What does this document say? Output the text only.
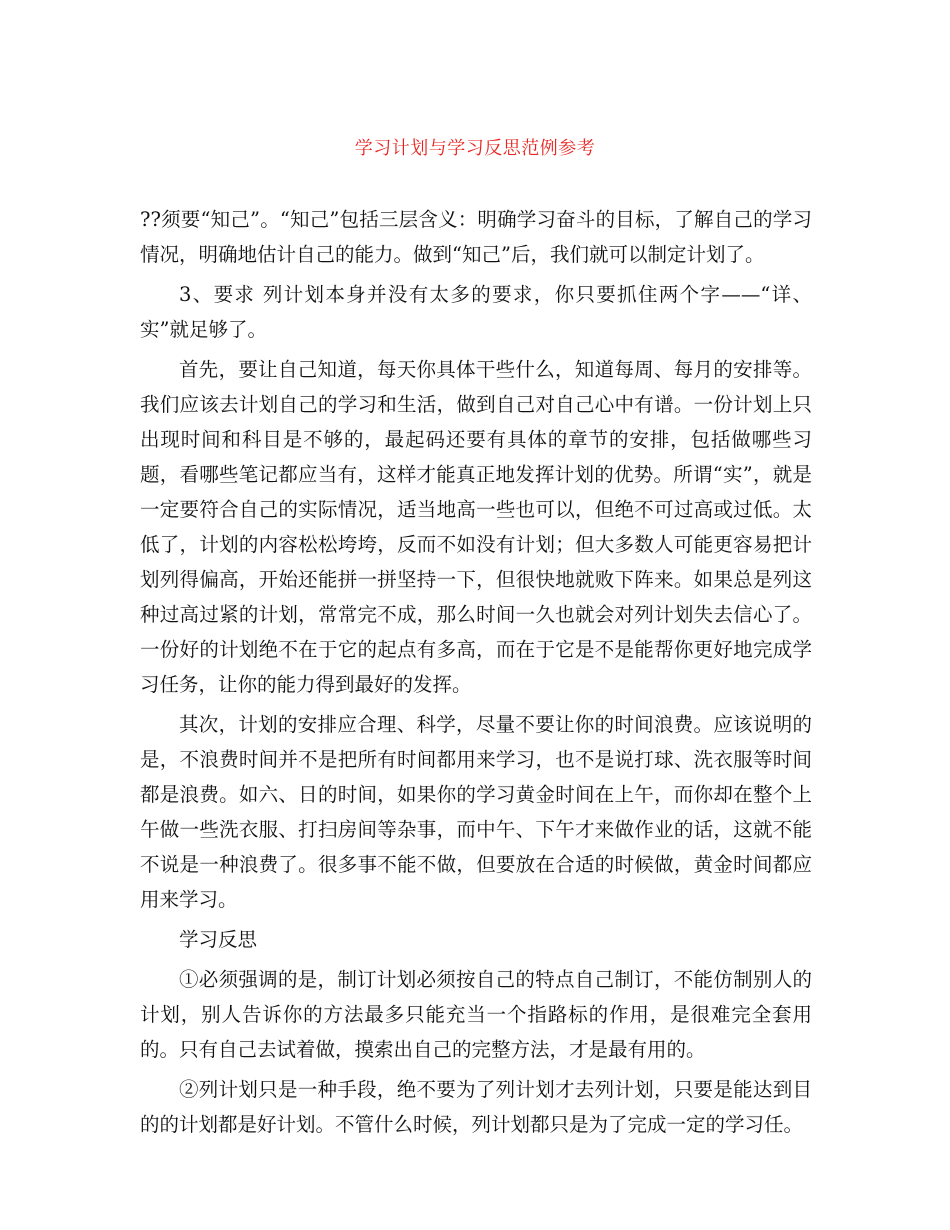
学习计划与学习反思范例参考

??须要“知己”。“知己”包括三层含义：明确学习奋斗的目标，了解自己的学习情况，明确地估计自己的能力。做到“知己”后，我们就可以制定计划了。

3、要求 列计划本身并没有太多的要求，你只要抓住两个字——“详、实”就足够了。

首先，要让自己知道，每天你具体干些什么，知道每周、每月的安排等。我们应该去计划自己的学习和生活，做到自己对自己心中有谱。一份计划上只出现时间和科目是不够的，最起码还要有具体的章节的安排，包括做哪些习题，看哪些笔记都应当有，这样才能真正地发挥计划的优势。所谓“实”，就是一定要符合自己的实际情况，适当地高一些也可以，但绝不可过高或过低。太低了，计划的内容松松垮垮，反而不如没有计划；但大多数人可能更容易把计划列得偏高，开始还能拼一拼坚持一下，但很快地就败下阵来。如果总是列这种过高过紧的计划，常常完不成，那么时间一久也就会对列计划失去信心了。一份好的计划绝不在于它的起点有多高，而在于它是不是能帮你更好地完成学习任务，让你的能力得到最好的发挥。

其次，计划的安排应合理、科学，尽量不要让你的时间浪费。应该说明的是，不浪费时间并不是把所有时间都用来学习，也不是说打球、洗衣服等时间都是浪费。如六、日的时间，如果你的学习黄金时间在上午，而你却在整个上午做一些洗衣服、打扫房间等杂事，而中午、下午才来做作业的话，这就不能不说是一种浪费了。很多事不能不做，但要放在合适的时候做，黄金时间都应用来学习。

学习反思

①必须强调的是，制订计划必须按自己的特点自己制订，不能仿制别人的计划，别人告诉你的方法最多只能充当一个指路标的作用，是很难完全套用的。只有自己去试着做，摸索出自己的完整方法，才是最有用的。

②列计划只是一种手段，绝不要为了列计划才去列计划，只要是能达到目的的计划都是好计划。不管什么时候，列计划都只是为了完成一定的学习任。
